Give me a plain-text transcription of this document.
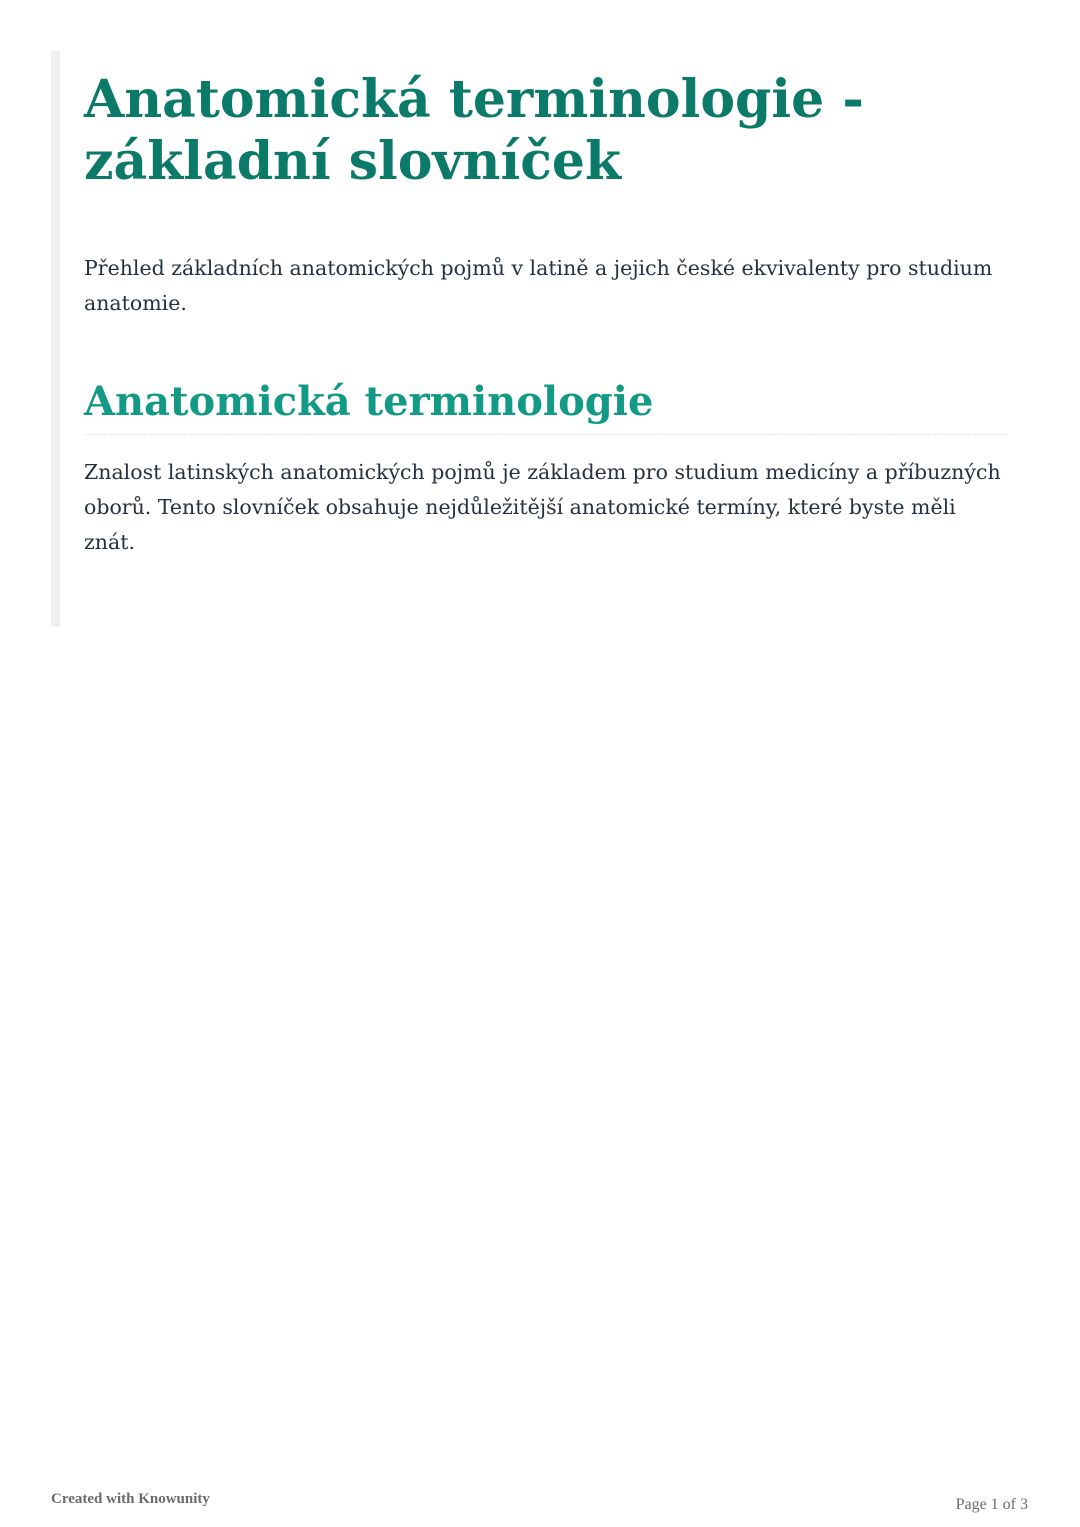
Anatomická terminologie - základní slovníček

Přehled základních anatomických pojmů v latině a jejich české ekvivalenty pro studium anatomie.

Anatomická terminologie

Znalost latinských anatomických pojmů je základem pro studium medicíny a příbuzných oborů. Tento slovníček obsahuje nejdůležitější anatomické termíny, které byste měli znát.

Created with Knowunity	Page 1 of 3
